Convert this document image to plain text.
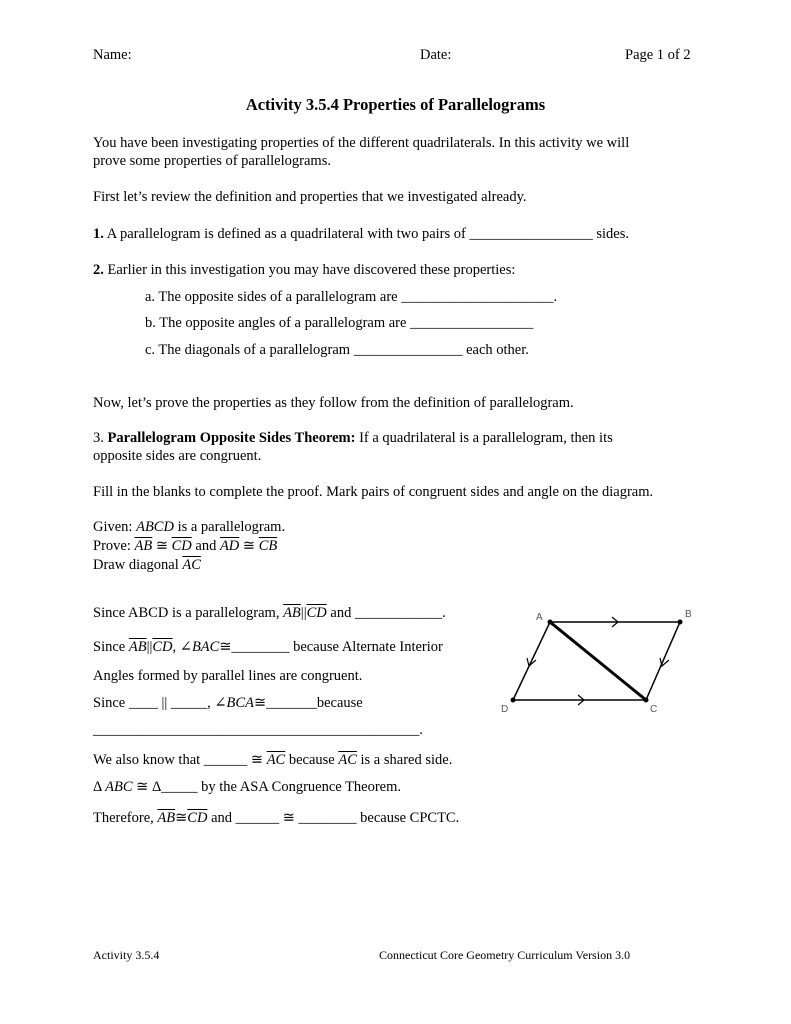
Name:	Date:	Page 1 of 2
Activity 3.5.4 Properties of Parallelograms
You have been investigating properties of the different quadrilaterals. In this activity we will
prove some properties of parallelograms.
First let’s review the definition and properties that we investigated already.
1. A parallelogram is defined as a quadrilateral with two pairs of _________________ sides.
2. Earlier in this investigation you may have discovered these properties:
a. The opposite sides of a parallelogram are _____________________.
b. The opposite angles of a parallelogram are _________________
c. The diagonals of a parallelogram _______________ each other.
Now, let’s prove the properties as they follow from the definition of parallelogram.
3. Parallelogram Opposite Sides Theorem: If a quadrilateral is a parallelogram, then its
opposite sides are congruent.
Fill in the blanks to complete the proof. Mark pairs of congruent sides and angle on the diagram.
Given: ABCD is a parallelogram.
Prove: $\overline{AB}$ ≅ $\overline{CD}$ and $\overline{AD}$ ≅ $\overline{CB}$
Draw diagonal $\overline{AC}$
Since ABCD is a parallelogram, $\overline{AB}||\overline{CD}$ and ____________.
Since $\overline{AB}||\overline{CD}$, ∠BAC≅________ because Alternate Interior
Angles formed by parallel lines are congruent.
Since ____ || _____, ∠BCA≅_______because
_____________________________________________.
We also know that ______ ≅ $\overline{AC}$ because $\overline{AC}$ is a shared side.
Δ ABC ≅ Δ_____ by the ASA Congruence Theorem.
Therefore, $\overline{AB}≅\overline{CD}$ and ______ ≅ ________ because CPCTC.
A	B
C
D
Activity 3.5.4	Connecticut Core Geometry Curriculum Version 3.0
